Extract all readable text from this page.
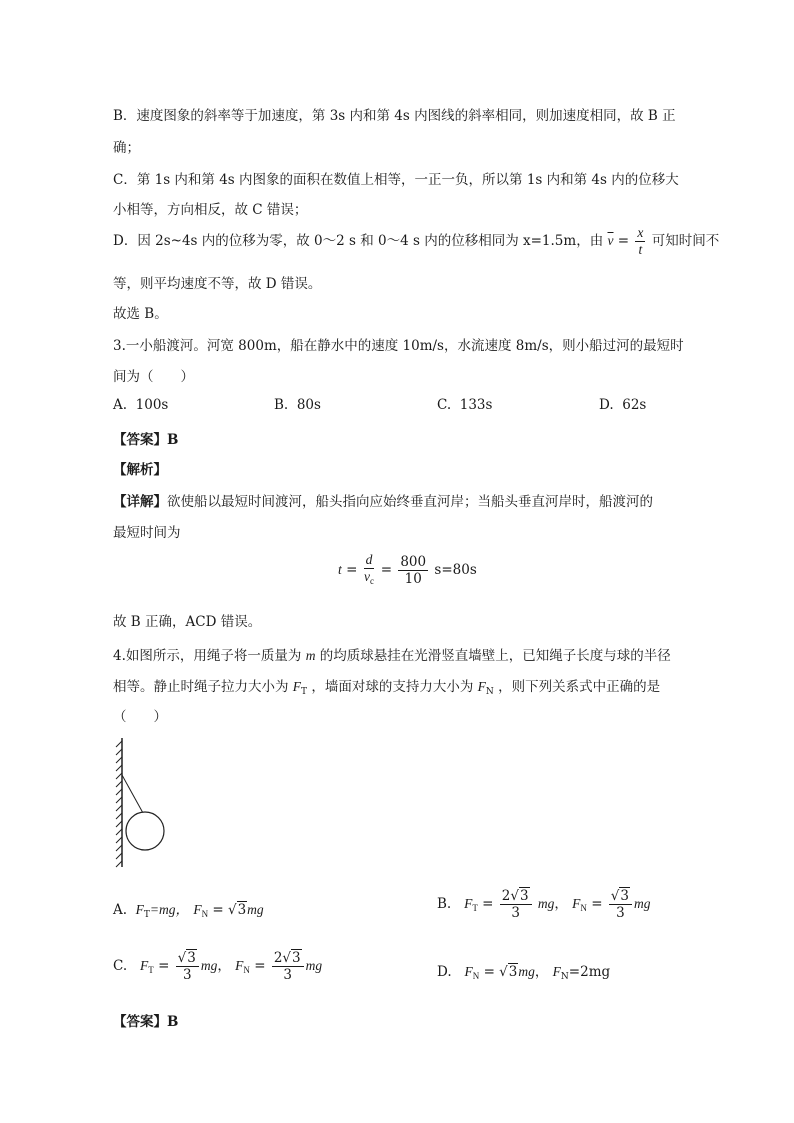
B．速度图象的斜率等于加速度，第 3s 内和第 4s 内图线的斜率相同，则加速度相同，故 B 正
确；
C．第 1s 内和第 4s 内图象的面积在数值上相等，一正一负，所以第 1s 内和第 4s 内的位移大
小相等，方向相反，故 C 错误；
D．因 2s~4s 内的位移为零，故 0～2 s 和 0～4 s 内的位移相同为 x=1.5m，由 $\overline{v} = \frac{x}{t}$ 可知时间不
等，则平均速度不等，故 D 错误。
故选 B。
3.一小船渡河。河宽 800m，船在静水中的速度 10m/s，水流速度 8m/s，则小船过河的最短时
间为（　　）
A. 100s	B. 80s	C. 133s	D. 62s
【答案】B
【解析】
【详解】欲使船以最短时间渡河，船头指向应始终垂直河岸；当船头垂直河岸时，船渡河的
最短时间为
$t = \frac{d}{v_c} = \frac{800}{10} s=80s$
故 B 正确，ACD 错误。
4.如图所示，用绳子将一质量为 m 的均质球悬挂在光滑竖直墙壁上，已知绳子长度与球的半径
相等。静止时绳子拉力大小为 $F_T$ ，墙面对球的支持力大小为 $F_N$ ，则下列关系式中正确的是
（　　）
A. $F_T=mg$， $F_N = √3mg$	B. $F_T = \frac{2√3}{3}$ mg， $F_N = \frac{√3}{3}$ mg
C. $F_T = \frac{√3}{3}$ mg， $F_N = \frac{2√3}{3}$ mg	D. $F_N = √3mg$， $F_N=2mg$
【答案】B
